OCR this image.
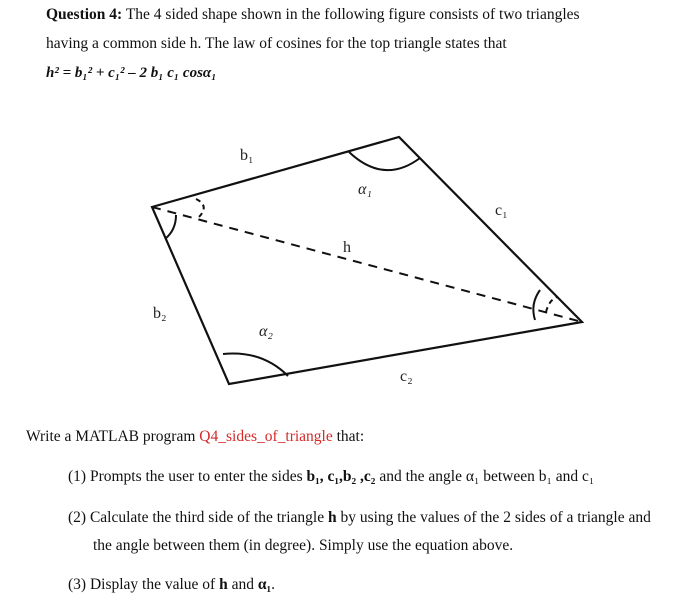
Question 4: The 4 sided shape shown in the following figure consists of two triangles
having a common side h. The law of cosines for the top triangle states that
h² = b₁² + c₁² – 2 b₁ c₁ cosα₁
b₁
α₁
c₁
h
b₂
α₂
c₂
Write a MATLAB program Q4_sides_of_triangle that:
(1) Prompts the user to enter the sides b₁, c₁,b₂ ,c₂ and the angle α₁ between b₁ and c₁
(2) Calculate the third side of the triangle h by using the values of the 2 sides of a triangle and
the angle between them (in degree). Simply use the equation above.
(3) Display the value of h and α₁.
